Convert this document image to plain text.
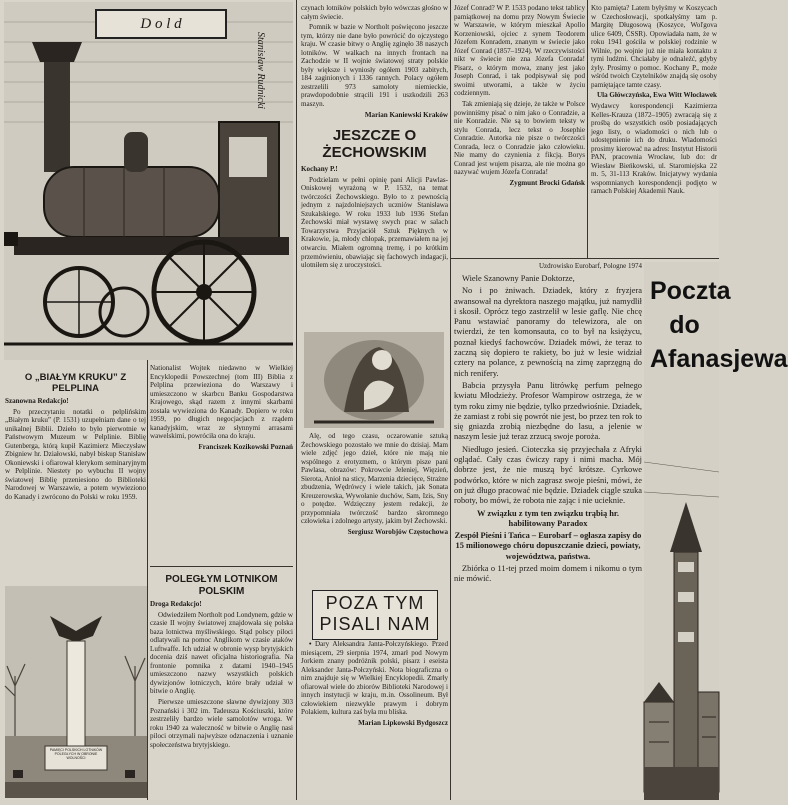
D o l d
Stanisław Rudnicki
O „BIAŁYM KRUKU” Z PELPLINA

Szanowna Redakcjo!

Po przeczytaniu notatki o pelplińskim „Białym kruku” (P. 1531) uzupełniam dane o tej unikalnej Biblii. Dzieło to było pierwotnie w Państwowym Muzeum w Pelplinie. Biblię Gutenberga, którą kupił Kazimierz Mieczysław Zbigniew hr. Działowski, nabył biskup Stanisław Okoniewski i ofiarował klerykom seminaryjnym w Pelplinie. Niestety po wybuchu II wojny światowej Biblię przeniesiono do Biblioteki Narodowej w Warszawie, a potem wywieziono do Kanady i zwrócono do Polski w roku 1959.

Nationalist Wojtek niedawno w Wielkiej Encyklopedii Powszechnej (tom III) Biblia z Pelplina przewieziona do Warszawy i umieszczono w skarbcu Banku Gospodarstwa Krajowego, skąd razem z innymi skarbami została wywieziona do Kanady. Dopiero w roku 1959, po długich negocjacjach z rządem kanadyjskim, wraz ze słynnymi arrasami wawelskimi, powróciła ona do kraju.

Franciszek Kozikowski Poznań

PAMIĘCI POLSKICH LOTNIKÓW POLEGŁYCH W OBRONIE WOLNOŚCI
POLEGŁYM LOTNIKOM POLSKIM

Droga Redakcjo!

Odwiedziłem Northolt pod Londynem, gdzie w czasie II wojny światowej znajdowała się polska baza lotnictwa myśliwskiego. Stąd polscy piloci odlatywali na pomoc Anglikom w czasie ataków Luftwaffe. Ich udział w obronie wysp brytyjskich docenia dziś nawet oficjalna historiografia. Na frontonie pomnika z datami 1940–1945 umieszczono nazwy wszystkich polskich dywizjonów lotniczych, które brały udział w bitwie o Anglię.

Pierwsze umieszczone sławne dywizjony 303 Poznański i 302 im. Tadeusza Kościuszki, które zestrzeliły bardzo wiele samolotów wroga. W roku 1940 za waleczność w bitwie o Anglię nasi piloci otrzymali najwyższe odznaczenia i uznanie społeczeństwa brytyjskiego.

czynach lotników polskich było wówczas głośno w całym świecie.

Pomnik w bazie w Northolt poświęcono jeszcze tym, którzy nie dane było powrócić do ojczystego kraju. W czasie bitwy o Anglię zginęło 38 naszych lotników. W walkach na innych frontach na Zachodzie w II wojnie światowej straty polskie były większe i wyniosły ogółem 1903 zabitych, 184 zaginionych i 1336 rannych. Polacy ogółem zestrzelili 973 samoloty niemieckie, prawdopodobnie strącili 191 i uszkodzili 263 maszyn.

Marian Kaniewski Kraków

JESZCZE O ŻECHOWSKIM

Kochany P.!

Podzielam w pełni opinię pani Alicji Pawlas-Oniskowej wyrażoną w P. 1532, na temat twórczości Żechowskiego. Było to z pewnością jednym z najzdolniejszych uczniów Stanisława Szukalskiego. W roku 1933 lub 1936 Stefan Żechowski miał wystawę swych prac w salach Towarzystwa Przyjaciół Sztuk Pięknych w Krakowie, ja, młody chłopak, przemawiałem na jej otwarciu. Miałem ogromną tremę, i po krótkim przemówieniu, obawiając się fachowych indagacji, ulotniłem się z uroczystości.

Alę, od tego czasu, oczarowanie sztuką Żechowskiego pozostało we mnie do dzisiaj. Mam wiele zdjęć jego dzieł, które nie mają nie wspólnego z erotyzmem, o którym pisze pani Pawlasa, obrazów: Pokrowcie Jeleniej, Więzień, Sierota, Anioł na sticy, Marzenia dziecięce, Strażne zbudzenia, Wędrówcy i wiele takich, jak Sonata Kreuzerowska, Wywołanie duchów, Sam, Izis, Sny o potędze. Wdzięczny jestem redakcji, że przypomniała twórczość bardzo skromnego człowieka i zdolnego artysty, jakim był Żechowski.

Sergiusz Worobjów Częstochowa

POZA TYM PISALI NAM

• Dary Aleksandra Janta-Połczyńskiego. Przed miesiącem, 29 sierpnia 1974, zmarł pod Nowym Jorkiem znany podróżnik polski, pisarz i eseista Aleksander Janta-Połczyński. Nota biograficzna o nim znajduje się w Wielkiej Encyklopedii. Zmarły ofiarował wiele do zbiorów Biblioteki Narodowej i innych instytucji w kraju, m.in. Ossolineum. Był człowiekiem niezwykle prawym i dobrym Polakiem, kultura zaś była mu bliska.

Marian Lipkowski Bydgoszcz

Józef Conrad? W P. 1533 podano tekst tablicy pamiątkowej na domu przy Nowym Świecie w Warszawie, w którym mieszkał Apollo Korzeniowski, ojciec z synem Teodorem Józefem Konradem, znanym w świecie jako Józef Conrad (1857–1924). W rzeczywistości nikt w świecie nie zna Józefa Conrada! Pisarz, o którym mowa, znany jest jako Joseph Conrad, i tak podpisywał się pod swoimi utworami, a także w życiu codziennym.

Tak zmieniają się dzieje, że także w Polsce powinniśmy pisać o nim jako o Conradzie, a nie Konradzie. Nie są to bowiem teksty w stylu Conrada, lecz tekst o Josephie Conradzie. Autorka nie pisze o twórczości Conrada, lecz o Conradzie jako człowieku. Nie mamy do czynienia z fikcją. Borys Conrad jest wujem pisarza, ale nie można go nazywać wujem Józefa Conrada!

Zygmunt Brocki Gdańsk

Kto pamięta? Latem byłyśmy w Koszycach w Czechosłowacji, spotkałyśmy tam p. Margitę Długosową (Koszyce, Woľgova ulice 6409, ČSSR). Opowiadała nam, że w roku 1941 gościła w polskiej rodzinie w Wilnie, po wojnie już nie miała kontaktu z tymi ludźmi. Chciałaby je odnaleźć, gdyby żyły. Prosimy o pomoc. Kochany P., może wśród twoich Czytelników znajdą się osoby pamiętające tamte czasy.

Ula Główczyńska, Ewa Witt Włocławek

Wydawcy korespondencji Kazimierza Kelles-Krauza (1872–1905) zwracają się z prośbą do wszystkich osób posiadających jego listy, o wiadomości o nich lub o udostępnienie ich do druku. Wiadomości prosimy kierować na adres: Instytut Historii PAN, pracownia Wrocław, lub do: dr Wiesław Bieńkowski, ul. Staromiejska 22 m. 5, 31-113 Kraków. Inicjatywy wydania wspomnianych korespondencji podjęto w ramach Polskiej Akademii Nauk.

Uzdrowisko Eurobarf, Pologne 1974

Wiele Szanowny Panie Doktorze,

No i po żniwach. Dziadek, który z fryzjera awansował na dyrektora naszego majątku, już namydlił i skosił. Oprócz tego zastrzelił w lesie gaflę. Nie chcę Panu wstawiać panoramy do telewizora, ale on twierdzi, że ten komonsauta, co to był na księżycu, poznał kiedyś fachowców. Dziadek mówi, że teraz to zaczną się dopiero te rakiety, bo już w lesie widział cztery na polance, z pewnością na zimę zaprzęgną do nich renifery.

Babcia przysyła Panu litrówkę perfum pełnego kwiatu Młodzieży. Profesor Wampirow ostrzega, że w tym roku zimy nie będzie, tylko przedwiośnie. Dziadek, że zamiast z robi się powrót nie jest, bo przez ten rok to się gniazda zrobią niezbędne do lasu, a jelenie w naszym lesie już teraz zrzucą swoje poroża.

Niedługo jesień. Cioteczka się przyjechała z Afryki oglądać. Cały czas ćwiczy rapy i nimi macha. Mój dobrze jest, że nie muszą być krótsze. Cyrkowe podwórko, które w nich zagrasz swoje pieśni, mówi, że on już długo pracować nie będzie. Dziadek ciągle szuka roboty, bo mówi, że robota nie zając i nie ucieknie.

W związku z tym ten związku trąbią hr. habilitowany Paradox

Zespół Pieśni i Tańca – Eurobarf – ogłasza zapisy do 15 milionowego chóru dopuszczanie dzieci, powiaty, województwa, państwa.

Zbiórka o 11-tej przed moim domem i nikomu o tym nie mówić.

Poczta do Afanasjewa
